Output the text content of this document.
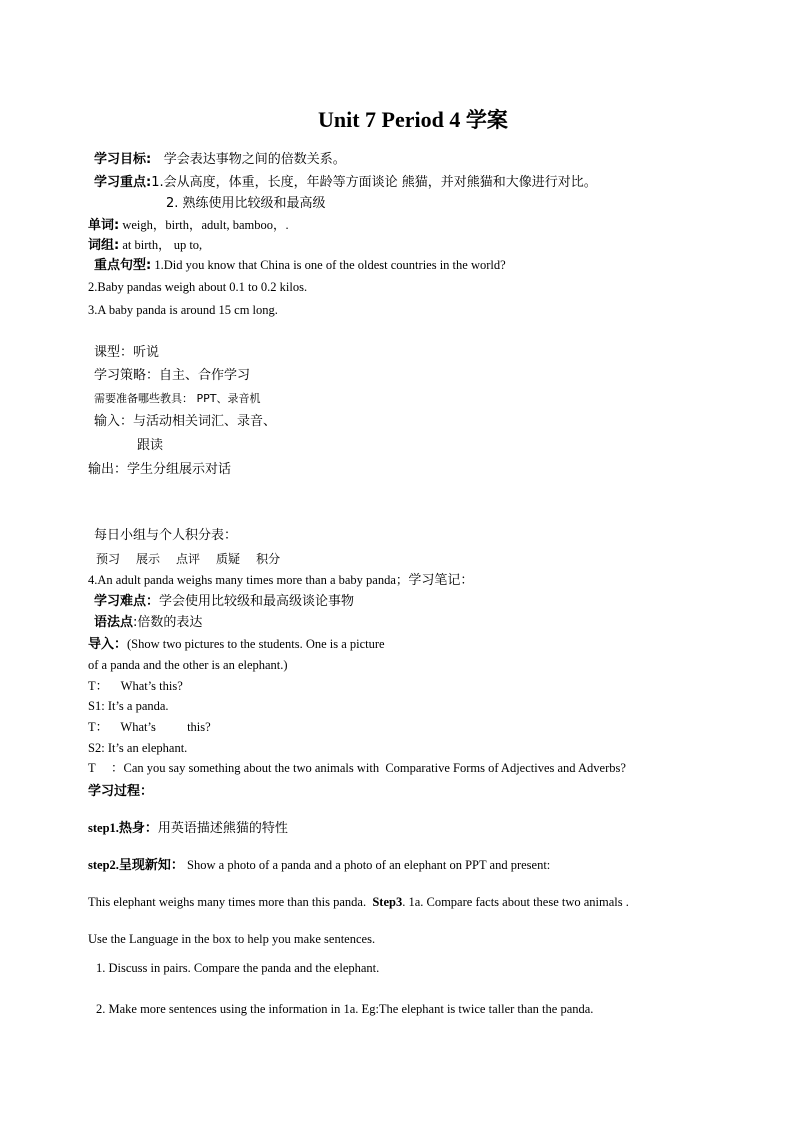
Unit 7 Period 4 学案
学习目标: 学会表达事物之间的倍数关系。
学习重点:1.会从高度，体重，长度，年龄等方面谈论 熊猫，并对熊猫和大像进行对比。
2. 熟练使用比较级和最高级
单词: weigh，birth，adult, bamboo，.
词组: at birth， up to,
重点句型: 1.Did you know that China is one of the oldest countries in the world?
2.Baby pandas weigh about 0.1 to 0.2 kilos.
3.A baby panda is around 15 cm long.
课型：听说
学习策略：自主、合作学习
需要准备哪些教具： PPT、录音机
输入：与活动相关词汇、录音、
跟读
输出：学生分组展示对话
每日小组与个人积分表：
预习 展示 点评 质疑 积分
4.An adult panda weighs many times more than a baby panda；学习笔记：
学习难点：学会使用比较级和最高级谈论事物
语法点:倍数的表达
导入：(Show two pictures to the students. One is a picture
of a panda and the other is an elephant.)
T： What’s this?
S1: It’s a panda.
T： What’s          this?
S2: It’s an elephant.
T     ：Can you say something about the two animals with  Comparative Forms of Adjectives and Adverbs?
学习过程：
step1.热身：用英语描述熊猫的特性
step2.呈现新知： Show a photo of a panda and a photo of an elephant on PPT and present:
This elephant weighs many times more than this panda.  Step3. 1a. Compare facts about these two animals .
Use the Language in the box to help you make sentences.
1. Discuss in pairs. Compare the panda and the elephant.
2. Make more sentences using the information in 1a. Eg:The elephant is twice taller than the panda.
